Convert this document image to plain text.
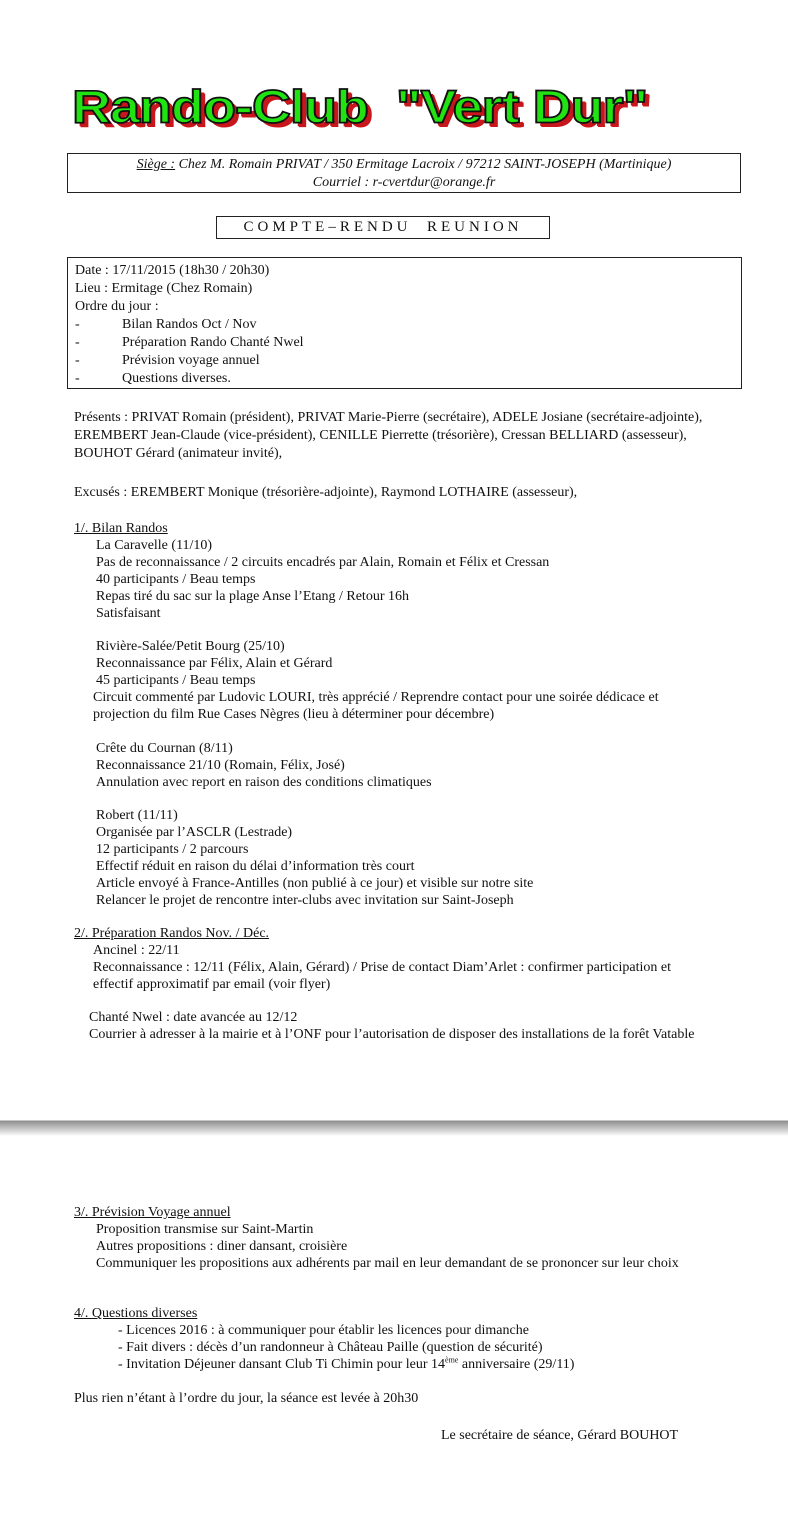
Rando-Club  "Vert Dur"
Siège : Chez M. Romain PRIVAT / 350 Ermitage Lacroix / 97212 SAINT-JOSEPH (Martinique)
Courriel : r-cvertdur@orange.fr
COMPTE–RENDU  REUNION
Date : 17/11/2015 (18h30 / 20h30)
Lieu : Ermitage (Chez Romain)
Ordre du jour :
-	Bilan Randos Oct / Nov
-	Préparation Rando Chanté Nwel
-	Prévision voyage annuel
-	Questions diverses.
Présents : PRIVAT Romain (président), PRIVAT Marie-Pierre (secrétaire), ADELE Josiane (secrétaire-adjointe), EREMBERT Jean-Claude (vice-président), CENILLE Pierrette (trésorière), Cressan BELLIARD (assesseur), BOUHOT Gérard (animateur invité),
Excusés : EREMBERT Monique (trésorière-adjointe), Raymond LOTHAIRE (assesseur),
1/. Bilan Randos
La Caravelle (11/10)
Pas de reconnaissance / 2 circuits encadrés par Alain, Romain et Félix et Cressan
40 participants / Beau temps
Repas tiré du sac sur la plage Anse l’Etang / Retour 16h
Satisfaisant
Rivière-Salée/Petit Bourg (25/10)
Reconnaissance par Félix, Alain et Gérard
45 participants / Beau temps
Circuit commenté par Ludovic LOURI, très apprécié / Reprendre contact pour une soirée dédicace et
projection du film Rue Cases Nègres (lieu à déterminer pour décembre)
Crête du Cournan (8/11)
Reconnaissance 21/10 (Romain, Félix, José)
Annulation avec report en raison des conditions climatiques
Robert (11/11)
Organisée par l’ASCLR (Lestrade)
12 participants / 2 parcours
Effectif réduit en raison du délai d’information très court
Article envoyé à France-Antilles (non publié à ce jour) et visible sur notre site
Relancer le projet de rencontre inter-clubs avec invitation sur Saint-Joseph
2/. Préparation Randos Nov. / Déc.
Ancinel : 22/11
Reconnaissance : 12/11 (Félix, Alain, Gérard) / Prise de contact Diam’Arlet : confirmer participation et
effectif approximatif par email (voir flyer)
Chanté Nwel : date avancée au 12/12
Courrier à adresser à la mairie et à l’ONF pour l’autorisation de disposer des installations de la forêt Vatable
3/. Prévision Voyage annuel
Proposition transmise sur Saint-Martin
Autres propositions : diner dansant, croisière
Communiquer les propositions aux adhérents par mail en leur demandant de se prononcer sur leur choix
4/. Questions diverses
- Licences 2016 : à communiquer pour établir les licences pour dimanche
- Fait divers : décès d’un randonneur à Château Paille (question de sécurité)
- Invitation Déjeuner dansant Club Ti Chimin pour leur 14ème anniversaire (29/11)
Plus rien n’étant à l’ordre du jour, la séance est levée à 20h30
Le secrétaire de séance, Gérard BOUHOT
